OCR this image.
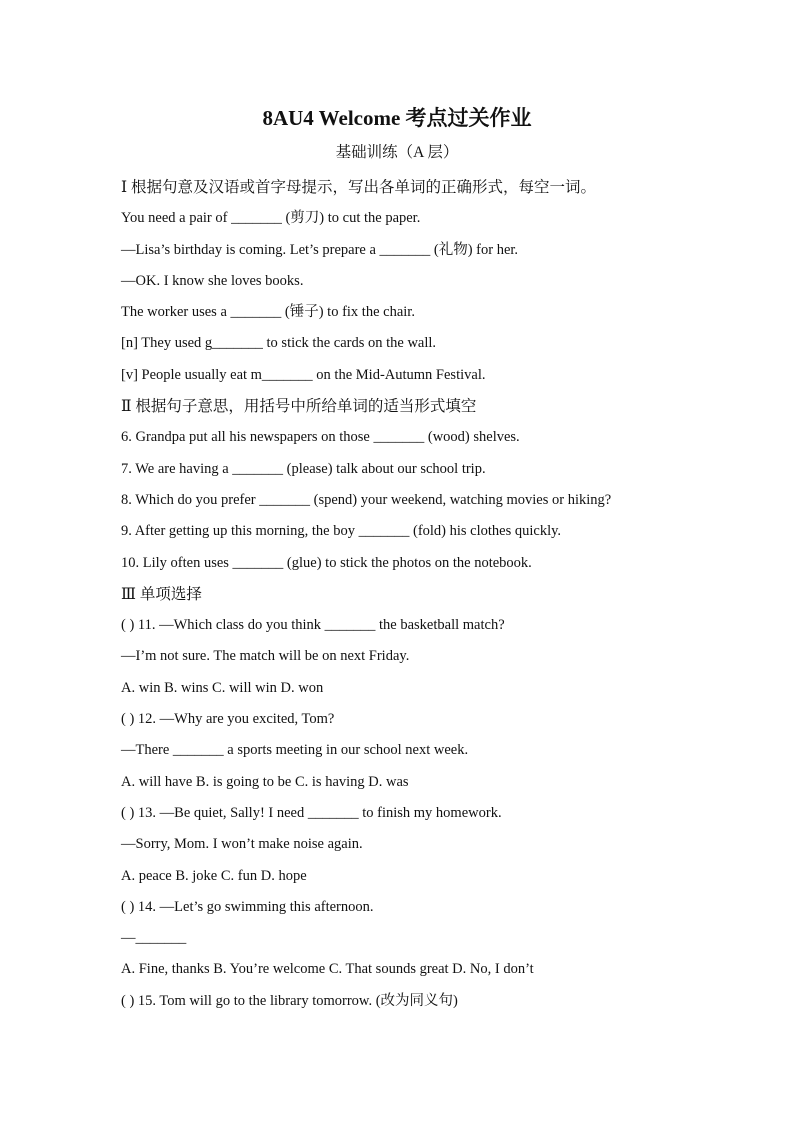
8AU4 Welcome 考点过关作业
基础训练（A 层）
Ⅰ 根据句意及汉语或首字母提示，写出各单词的正确形式，每空一词。
You need a pair of _______ (剪刀) to cut the paper.
—Lisa’s birthday is coming. Let’s prepare a _______ (礼物) for her.
—OK. I know she loves books.
The worker uses a _______ (锤子) to fix the chair.
[n] They used g_______ to stick the cards on the wall.
[v] People usually eat m_______ on the Mid-Autumn Festival.
Ⅱ 根据句子意思，用括号中所给单词的适当形式填空
6. Grandpa put all his newspapers on those _______ (wood) shelves.
7. We are having a _______ (please) talk about our school trip.
8. Which do you prefer _______ (spend) your weekend, watching movies or hiking?
9. After getting up this morning, the boy _______ (fold) his clothes quickly.
10. Lily often uses _______ (glue) to stick the photos on the notebook.
Ⅲ 单项选择
( ) 11. —Which class do you think _______ the basketball match?
—I’m not sure. The match will be on next Friday.
A. win B. wins C. will win D. won
( ) 12. —Why are you excited, Tom?
—There _______ a sports meeting in our school next week.
A. will have B. is going to be C. is having D. was
( ) 13. —Be quiet, Sally! I need _______ to finish my homework.
—Sorry, Mom. I won’t make noise again.
A. peace B. joke C. fun D. hope
( ) 14. —Let’s go swimming this afternoon.
—_______
A. Fine, thanks B. You’re welcome C. That sounds great D. No, I don’t
( ) 15. Tom will go to the library tomorrow. (改为同义句)
